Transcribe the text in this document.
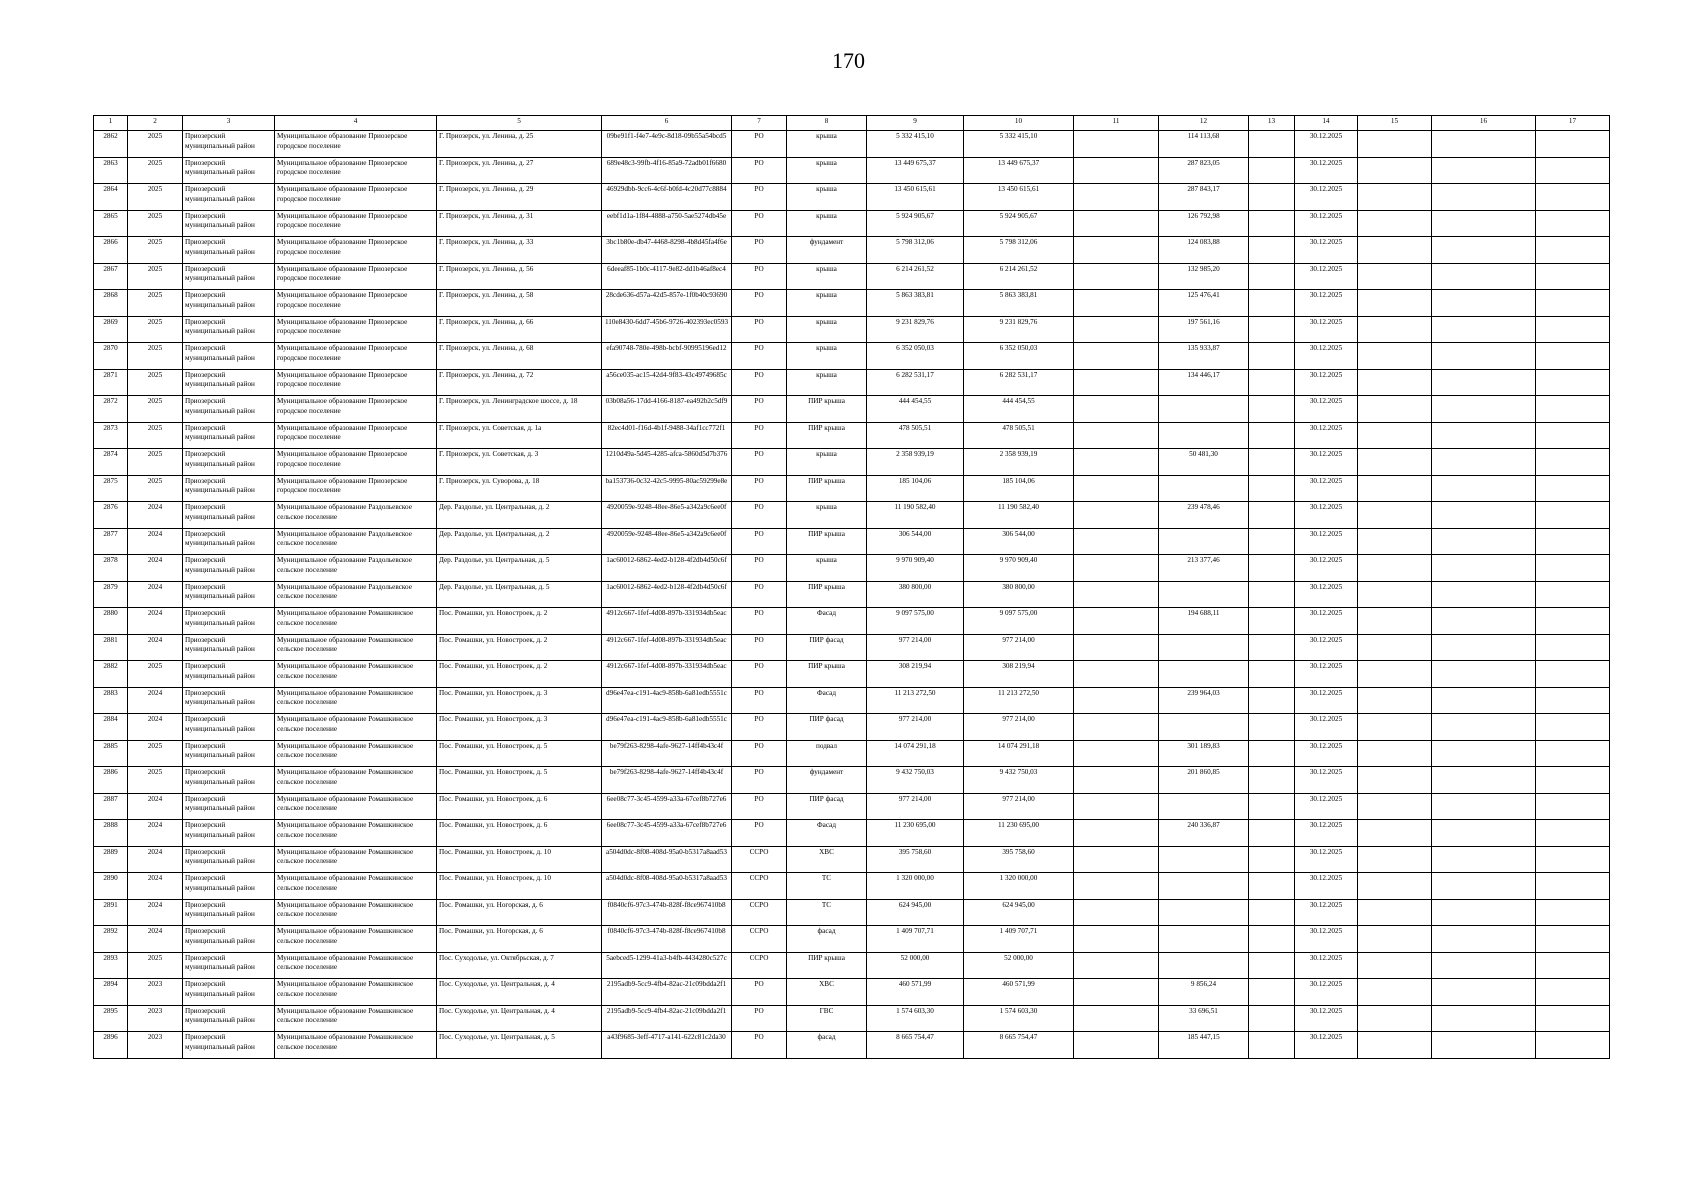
170
1	2	3	4	5	6	7	8	9	10	11	12	13	14	15	16	17
2862	2025	Приозерский муниципальный район	Муниципальное образование Приозерское городское поселение	Г. Приозерск, ул. Ленина, д. 25	09be91f1-f4e7-4e9c-8d18-09b55a54bcd5	РО	крыша	5 332 415,10	5 332 415,10		114 113,68		30.12.2025			
2863	2025	Приозерский муниципальный район	Муниципальное образование Приозерское городское поселение	Г. Приозерск, ул. Ленина, д. 27	689e48c3-99fb-4f16-85a9-72adb01f6680	РО	крыша	13 449 675,37	13 449 675,37		287 823,05		30.12.2025			
2864	2025	Приозерский муниципальный район	Муниципальное образование Приозерское городское поселение	Г. Приозерск, ул. Ленина, д. 29	46929dbb-9cc6-4c6f-b0fd-4c20d77c8884	РО	крыша	13 450 615,61	13 450 615,61		287 843,17		30.12.2025			
2865	2025	Приозерский муниципальный район	Муниципальное образование Приозерское городское поселение	Г. Приозерск, ул. Ленина, д. 31	eebf1d1a-1f84-4888-a750-5ae5274db45e	РО	крыша	5 924 905,67	5 924 905,67		126 792,98		30.12.2025			
2866	2025	Приозерский муниципальный район	Муниципальное образование Приозерское городское поселение	Г. Приозерск, ул. Ленина, д. 33	3bc1b80e-db47-4468-8298-4b8d45fa4f6e	РО	фундамент	5 798 312,06	5 798 312,06		124 083,88		30.12.2025			
2867	2025	Приозерский муниципальный район	Муниципальное образование Приозерское городское поселение	Г. Приозерск, ул. Ленина, д. 56	6deeaf85-1b0c-4117-9e82-dd1b46af8ec4	РО	крыша	6 214 261,52	6 214 261,52		132 985,20		30.12.2025			
2868	2025	Приозерский муниципальный район	Муниципальное образование Приозерское городское поселение	Г. Приозерск, ул. Ленина, д. 58	28cde636-d57a-42d5-857e-1f0b40c93690	РО	крыша	5 863 383,81	5 863 383,81		125 476,41		30.12.2025			
2869	2025	Приозерский муниципальный район	Муниципальное образование Приозерское городское поселение	Г. Приозерск, ул. Ленина, д. 66	110e8430-6dd7-45b6-9726-402393ec0593	РО	крыша	9 231 829,76	9 231 829,76		197 561,16		30.12.2025			
2870	2025	Приозерский муниципальный район	Муниципальное образование Приозерское городское поселение	Г. Приозерск, ул. Ленина, д. 68	efa90748-780e-498b-bcbf-90995196ed12	РО	крыша	6 352 050,03	6 352 050,03		135 933,87		30.12.2025			
2871	2025	Приозерский муниципальный район	Муниципальное образование Приозерское городское поселение	Г. Приозерск, ул. Ленина, д. 72	a56ce035-ac15-42d4-9f83-43c49749685c	РО	крыша	6 282 531,17	6 282 531,17		134 446,17		30.12.2025			
2872	2025	Приозерский муниципальный район	Муниципальное образование Приозерское городское поселение	Г. Приозерск, ул. Ленинградское шоссе, д. 18	03b08a56-17dd-4166-8187-ea492b2c5df9	РО	ПИР крыша	444 454,55	444 454,55				30.12.2025			
2873	2025	Приозерский муниципальный район	Муниципальное образование Приозерское городское поселение	Г. Приозерск, ул. Советская, д. 1а	82ec4d01-f16d-4b1f-9488-34af1cc772f1	РО	ПИР крыша	478 505,51	478 505,51				30.12.2025			
2874	2025	Приозерский муниципальный район	Муниципальное образование Приозерское городское поселение	Г. Приозерск, ул. Советская, д. 3	1210d49a-5d45-4285-afca-5860d5d7b376	РО	крыша	2 358 939,19	2 358 939,19		50 481,30		30.12.2025			
2875	2025	Приозерский муниципальный район	Муниципальное образование Приозерское городское поселение	Г. Приозерск, ул. Суворова, д. 18	ba153736-0c32-42c5-9995-80ac59299e8e	РО	ПИР крыша	185 104,06	185 104,06				30.12.2025			
2876	2024	Приозерский муниципальный район	Муниципальное образование Раздольевское сельское поселение	Дер. Раздолье, ул. Центральная, д. 2	4920059e-9248-48ee-86e5-a342a9c6ee0f	РО	крыша	11 190 582,40	11 190 582,40		239 478,46		30.12.2025			
2877	2024	Приозерский муниципальный район	Муниципальное образование Раздольевское сельское поселение	Дер. Раздолье, ул. Центральная, д. 2	4920059e-9248-48ee-86e5-a342a9c6ee0f	РО	ПИР крыша	306 544,00	306 544,00				30.12.2025			
2878	2024	Приозерский муниципальный район	Муниципальное образование Раздольевское сельское поселение	Дер. Раздолье, ул. Центральная, д. 5	1ac60012-6862-4ed2-b128-4f2db4d50c6f	РО	крыша	9 970 909,40	9 970 909,40		213 377,46		30.12.2025			
2879	2024	Приозерский муниципальный район	Муниципальное образование Раздольевское сельское поселение	Дер. Раздолье, ул. Центральная, д. 5	1ac60012-6862-4ed2-b128-4f2db4d50c6f	РО	ПИР крыша	380 800,00	380 800,00				30.12.2025			
2880	2024	Приозерский муниципальный район	Муниципальное образование Ромашкинское сельское поселение	Пос. Ромашки, ул. Новостроек, д. 2	4912c667-1fef-4d08-897b-331934db5eac	РО	Фасад	9 097 575,00	9 097 575,00		194 688,11		30.12.2025			
2881	2024	Приозерский муниципальный район	Муниципальное образование Ромашкинское сельское поселение	Пос. Ромашки, ул. Новостроек, д. 2	4912c667-1fef-4d08-897b-331934db5eac	РО	ПИР фасад	977 214,00	977 214,00				30.12.2025			
2882	2025	Приозерский муниципальный район	Муниципальное образование Ромашкинское сельское поселение	Пос. Ромашки, ул. Новостроек, д. 2	4912c667-1fef-4d08-897b-331934db5eac	РО	ПИР крыша	308 219,94	308 219,94				30.12.2025			
2883	2024	Приозерский муниципальный район	Муниципальное образование Ромашкинское сельское поселение	Пос. Ромашки, ул. Новостроек, д. 3	d96e47ea-c191-4ac9-858b-6a81edb5551c	РО	Фасад	11 213 272,50	11 213 272,50		239 964,03		30.12.2025			
2884	2024	Приозерский муниципальный район	Муниципальное образование Ромашкинское сельское поселение	Пос. Ромашки, ул. Новостроек, д. 3	d96e47ea-c191-4ac9-858b-6a81edb5551c	РО	ПИР фасад	977 214,00	977 214,00				30.12.2025			
2885	2025	Приозерский муниципальный район	Муниципальное образование Ромашкинское сельское поселение	Пос. Ромашки, ул. Новостроек, д. 5	be79f263-8298-4afe-9627-14ff4b43c4f	РО	подвал	14 074 291,18	14 074 291,18		301 189,83		30.12.2025			
2886	2025	Приозерский муниципальный район	Муниципальное образование Ромашкинское сельское поселение	Пос. Ромашки, ул. Новостроек, д. 5	be79f263-8298-4afe-9627-14ff4b43c4f	РО	фундамент	9 432 750,03	9 432 750,03		201 860,85		30.12.2025			
2887	2024	Приозерский муниципальный район	Муниципальное образование Ромашкинское сельское поселение	Пос. Ромашки, ул. Новостроек, д. 6	6ee08c77-3c45-4599-a33a-67cef8b727e6	РО	ПИР фасад	977 214,00	977 214,00				30.12.2025			
2888	2024	Приозерский муниципальный район	Муниципальное образование Ромашкинское сельское поселение	Пос. Ромашки, ул. Новостроек, д. 6	6ee08c77-3c45-4599-a33a-67cef8b727e6	РО	Фасад	11 230 695,00	11 230 695,00		240 336,87		30.12.2025			
2889	2024	Приозерский муниципальный район	Муниципальное образование Ромашкинское сельское поселение	Пос. Ромашки, ул. Новостроек, д. 10	a504d0dc-8f08-408d-95a0-b5317a8aad53	ССРО	ХВС	395 758,60	395 758,60				30.12.2025			
2890	2024	Приозерский муниципальный район	Муниципальное образование Ромашкинское сельское поселение	Пос. Ромашки, ул. Новостроек, д. 10	a504d0dc-8f08-408d-95a0-b5317a8aad53	ССРО	ТС	1 320 000,00	1 320 000,00				30.12.2025			
2891	2024	Приозерский муниципальный район	Муниципальное образование Ромашкинское сельское поселение	Пос. Ромашки, ул. Ногорская, д. 6	f0840cf6-97c3-474b-828f-f8ce967410b8	ССРО	ТС	624 945,00	624 945,00				30.12.2025			
2892	2024	Приозерский муниципальный район	Муниципальное образование Ромашкинское сельское поселение	Пос. Ромашки, ул. Ногорская, д. 6	f0840cf6-97c3-474b-828f-f8ce967410b8	ССРО	фасад	1 409 707,71	1 409 707,71				30.12.2025			
2893	2025	Приозерский муниципальный район	Муниципальное образование Ромашкинское сельское поселение	Пос. Суходолье, ул. Октябрьская, д. 7	5aebced5-1299-41a3-b4fb-4434280c527c	ССРО	ПИР крыша	52 000,00	52 000,00				30.12.2025			
2894	2023	Приозерский муниципальный район	Муниципальное образование Ромашкинское сельское поселение	Пос. Суходолье, ул. Центральная, д. 4	2195adb9-5cc9-4fb4-82ac-21c09bdda2f1	РО	ХВС	460 571,99	460 571,99		9 856,24		30.12.2025			
2895	2023	Приозерский муниципальный район	Муниципальное образование Ромашкинское сельское поселение	Пос. Суходолье, ул. Центральная, д. 4	2195adb9-5cc9-4fb4-82ac-21c09bdda2f1	РО	ГВС	1 574 603,30	1 574 603,30		33 696,51		30.12.2025			
2896	2023	Приозерский муниципальный район	Муниципальное образование Ромашкинское сельское поселение	Пос. Суходолье, ул. Центральная, д. 5	a43f9685-3eff-4717-a141-622c81c2da30	РО	фасад	8 665 754,47	8 665 754,47		185 447,15		30.12.2025			
